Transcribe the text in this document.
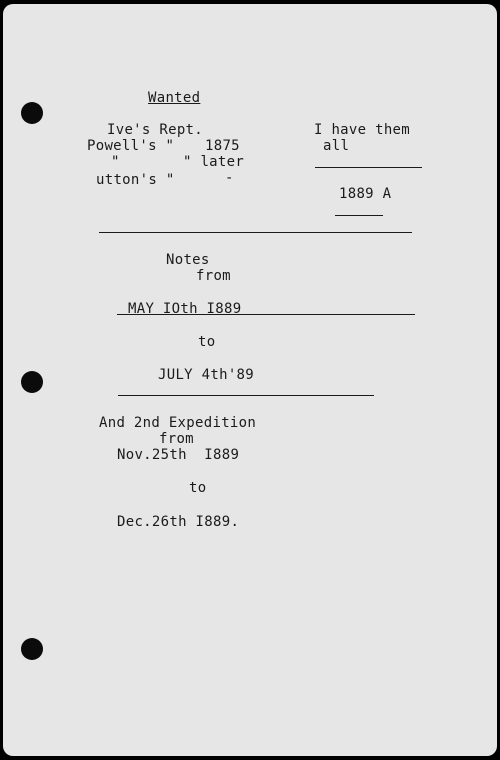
Wanted
Ive's Rept.
Powell's " 1875
"	" later
utton's "	-
I have them
all
1889 A
Notes
from
MAY IOth I889
to
JULY 4th'89
And 2nd Expedition
from
Nov.25th  I889
to
Dec.26th I889.
